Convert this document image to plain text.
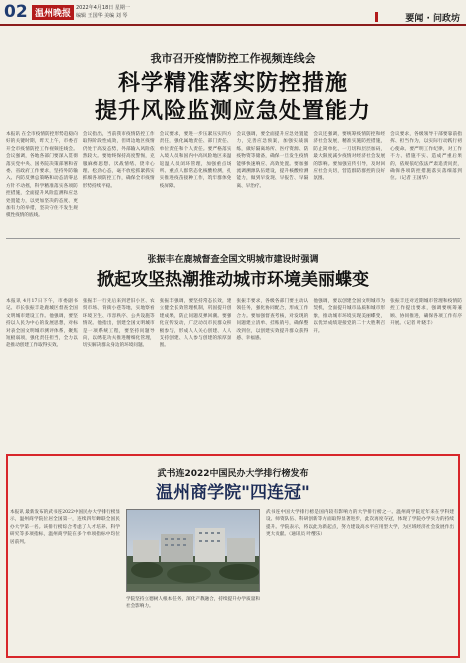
02 温州晚报
2022年4月18日 星期一
编辑 王国华 美编 刘 琴	要闻 · 问政坊
我市召开疫情防控工作视频连线会
科学精准落实防控措施
提升风险监测应急处置能力
本报讯 在全市疫情防控形势趋稳向好的关键时期，昨天上午，市委召开全市疫情防控工作视频连线会。会议强调，各地各部门要深入贯彻落实党中央、国务院决策部署和省委、省政府工作要求，坚持外防输入、内防反弹总策略和动态清零总方针不动摇，科学精准落实各项防控措施，全面提升风险监测和应急处置能力，以更加坚决的态度、更加有力的举措，坚决守住不发生规模性疫情的底线。
会议指出，当前我市疫情防控工作取得阶段性成效，但周边地区疫情仍处于高发态势，外部输入风险依然较大。要始终保持高度警惕，克服麻痹思想、厌战情绪、侥幸心理、松劲心态，毫不放松抓紧抓实抓细各项防控工作，确保全市疫情形势持续平稳。
会议要求，要进一步压紧压实四方责任，强化属地责任、部门责任、单位责任和个人责任。要严格落实入境人员和国内中高风险地区来温返温人员闭环管理，加强重点场所、重点人群常态化核酸检测，扎实推进疫苗接种工作，筑牢群体免疫屏障。
会议强调，要全面提升应急处置能力，完善应急预案，加强实战演练，做好隔离场所、医疗资源、防疫物资等储备，确保一旦发生疫情能够快速响应、高效处置。要加强流调溯源队伍建设，提升核酸检测能力，做到早发现、早报告、早隔离、早治疗。
会议还强调，要统筹疫情防控和经济社会发展，精准实施防控措施，防止简单化、一刀切和层层加码，最大限度减少疫情对经济社会发展的影响。要加强宣传引导，及时回应社会关切，营造群防群控的良好氛围。
会议要求，各级领导干部要靠前指挥、担当作为，以实际行动践行初心使命。要严明工作纪律，对工作不力、措施不实、造成严重后果的，依规依纪依法严肃追责问责，确保各项防控措施落实落细落到位。（记者 王国华）
张振丰在鹿城督查全国文明城市建设时强调
掀起攻坚热潮推动城市环境美丽蝶变
本报讯 4月17日下午，市委副书记、市长张振丰赴鹿城区督查全国文明城市建设工作。他强调，要坚持以人民为中心的发展思想，对标对表全国文明城市测评体系，聚焦短板弱项，强化责任担当，全力以赴推动创建工作取得实效。
张振丰一行先后来到老旧小区、农贸市场、背街小巷等地，实地察看环境卫生、市容秩序、公共设施等情况。他指出，创建全国文明城市是一项系统工程，要坚持问题导向，以绣花功夫推进精细化管理，切实解决群众身边的环境问题。
张振丰强调，要坚持常态长效，建立健全长效管理机制，巩固提升创建成果，防止问题反弹回潮。要强化宣传发动，广泛动员市民群众积极参与，形成人人关心创建、人人支持创建、人人参与创建的浓厚氛围。
张振丰要求，各级各部门要主动认领任务，强化协同配合，形成工作合力。要加强督查考核，对发现的问题建立清单、挂账销号，确保整改到位，以创建实效提升群众获得感、幸福感。
他强调，要以创建全国文明城市为契机，全面提升城市品质和城市形象，推动城市环境实现美丽蝶变，以优异成绩迎接党的二十大胜利召开。
张振丰还对近期城市管理和疫情防控工作提出要求，强调要统筹兼顾、协同推进，确保各项工作有序开展。（记者 叶晓丰）
武书连2022中国民办大学排行榜发布
温州商学院"四连冠"
本报讯 最新发布的武书连2022中国民办大学排行榜显示，温州商学院位居全国第一，连续四年蝉联全国民办大学第一名。该排行榜综合考虑了人才培养、科学研究等多项指标，温州商学院在多个单项指标中均位居前列。
学院坚持立德树人根本任务，深化产教融合，持续提升办学质量和社会影响力。
武书连中国大学排行榜是国内较有影响力的大学排行榜之一。温州商学院近年来在学科建设、师资队伍、科研创新等方面取得显著进步，此次再度夺冠，体现了学院办学实力的持续提升。学院表示，将以此为新起点，努力建设高水平应用型大学，为区域经济社会发展作出更大贡献。（通讯员 叶缨乐）
